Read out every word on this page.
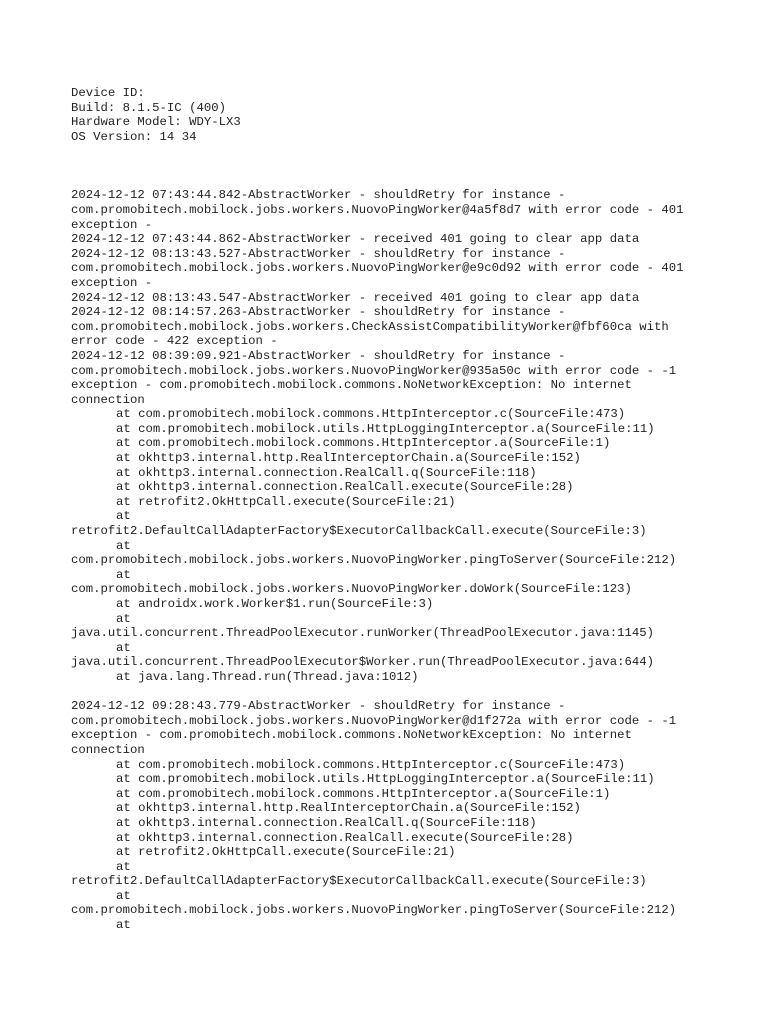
Device ID:
Build: 8.1.5-IC (400)
Hardware Model: WDY-LX3
OS Version: 14 34
2024-12-12 07:43:44.842-AbstractWorker - shouldRetry for instance -
com.promobitech.mobilock.jobs.workers.NuovoPingWorker@4a5f8d7 with error code - 401
exception -
2024-12-12 07:43:44.862-AbstractWorker - received 401 going to clear app data
2024-12-12 08:13:43.527-AbstractWorker - shouldRetry for instance -
com.promobitech.mobilock.jobs.workers.NuovoPingWorker@e9c0d92 with error code - 401
exception -
2024-12-12 08:13:43.547-AbstractWorker - received 401 going to clear app data
2024-12-12 08:14:57.263-AbstractWorker - shouldRetry for instance -
com.promobitech.mobilock.jobs.workers.CheckAssistCompatibilityWorker@fbf60ca with
error code - 422 exception -
2024-12-12 08:39:09.921-AbstractWorker - shouldRetry for instance -
com.promobitech.mobilock.jobs.workers.NuovoPingWorker@935a50c with error code - -1
exception - com.promobitech.mobilock.commons.NoNetworkException: No internet
connection
at com.promobitech.mobilock.commons.HttpInterceptor.c(SourceFile:473)
at com.promobitech.mobilock.utils.HttpLoggingInterceptor.a(SourceFile:11)
at com.promobitech.mobilock.commons.HttpInterceptor.a(SourceFile:1)
at okhttp3.internal.http.RealInterceptorChain.a(SourceFile:152)
at okhttp3.internal.connection.RealCall.q(SourceFile:118)
at okhttp3.internal.connection.RealCall.execute(SourceFile:28)
at retrofit2.OkHttpCall.execute(SourceFile:21)
at
retrofit2.DefaultCallAdapterFactory$ExecutorCallbackCall.execute(SourceFile:3)
at
com.promobitech.mobilock.jobs.workers.NuovoPingWorker.pingToServer(SourceFile:212)
at
com.promobitech.mobilock.jobs.workers.NuovoPingWorker.doWork(SourceFile:123)
at androidx.work.Worker$1.run(SourceFile:3)
at
java.util.concurrent.ThreadPoolExecutor.runWorker(ThreadPoolExecutor.java:1145)
at
java.util.concurrent.ThreadPoolExecutor$Worker.run(ThreadPoolExecutor.java:644)
at java.lang.Thread.run(Thread.java:1012)
2024-12-12 09:28:43.779-AbstractWorker - shouldRetry for instance -
com.promobitech.mobilock.jobs.workers.NuovoPingWorker@d1f272a with error code - -1
exception - com.promobitech.mobilock.commons.NoNetworkException: No internet
connection
at com.promobitech.mobilock.commons.HttpInterceptor.c(SourceFile:473)
at com.promobitech.mobilock.utils.HttpLoggingInterceptor.a(SourceFile:11)
at com.promobitech.mobilock.commons.HttpInterceptor.a(SourceFile:1)
at okhttp3.internal.http.RealInterceptorChain.a(SourceFile:152)
at okhttp3.internal.connection.RealCall.q(SourceFile:118)
at okhttp3.internal.connection.RealCall.execute(SourceFile:28)
at retrofit2.OkHttpCall.execute(SourceFile:21)
at
retrofit2.DefaultCallAdapterFactory$ExecutorCallbackCall.execute(SourceFile:3)
at
com.promobitech.mobilock.jobs.workers.NuovoPingWorker.pingToServer(SourceFile:212)
at
